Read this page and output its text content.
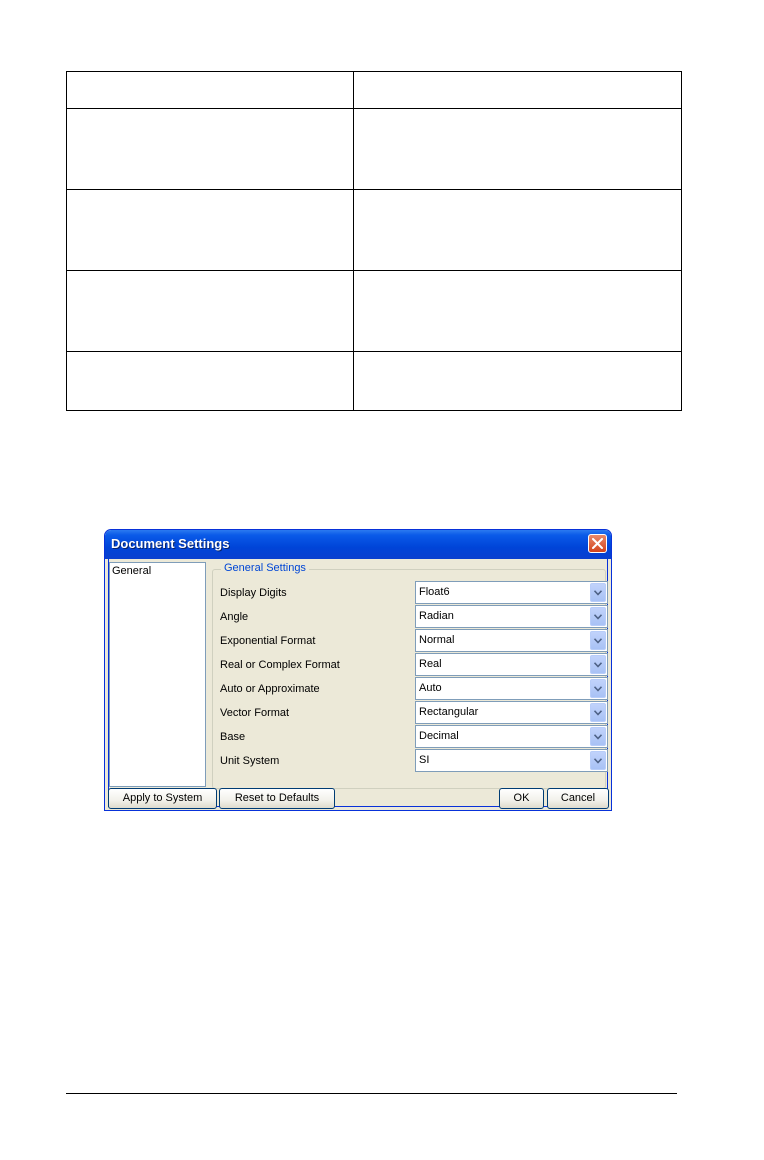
Document Settings
General	General Settings
Display Digits	Float6
Angle	Radian
Exponential Format	Normal
Real or Complex Format	Real
Auto or Approximate	Auto
Vector Format	Rectangular
Base	Decimal
Unit System	SI
Apply to System	Reset to Defaults	OK	Cancel
